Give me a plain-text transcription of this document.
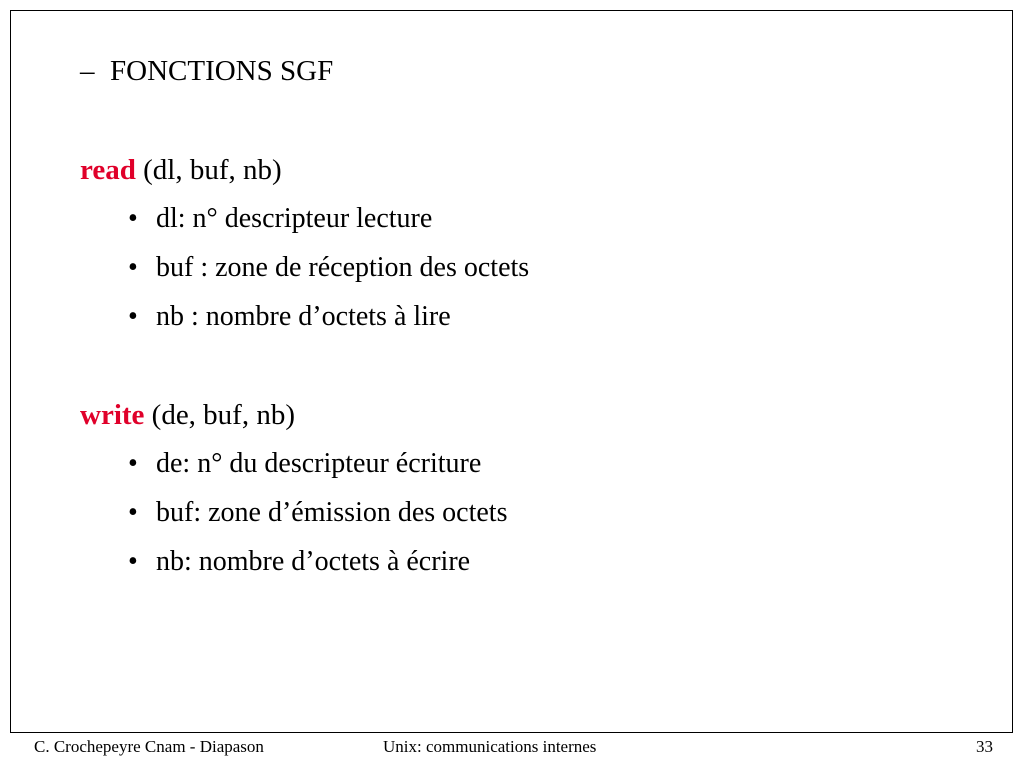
– FONCTIONS SGF
read (dl, buf, nb)
• dl: n° descripteur lecture
• buf : zone de réception des octets
• nb : nombre d’octets à lire
write (de, buf, nb)
• de: n° du descripteur écriture
• buf: zone d’émission des octets
• nb: nombre d’octets à écrire
C. Crochepeyre Cnam - Diapason	Unix: communications internes	33
